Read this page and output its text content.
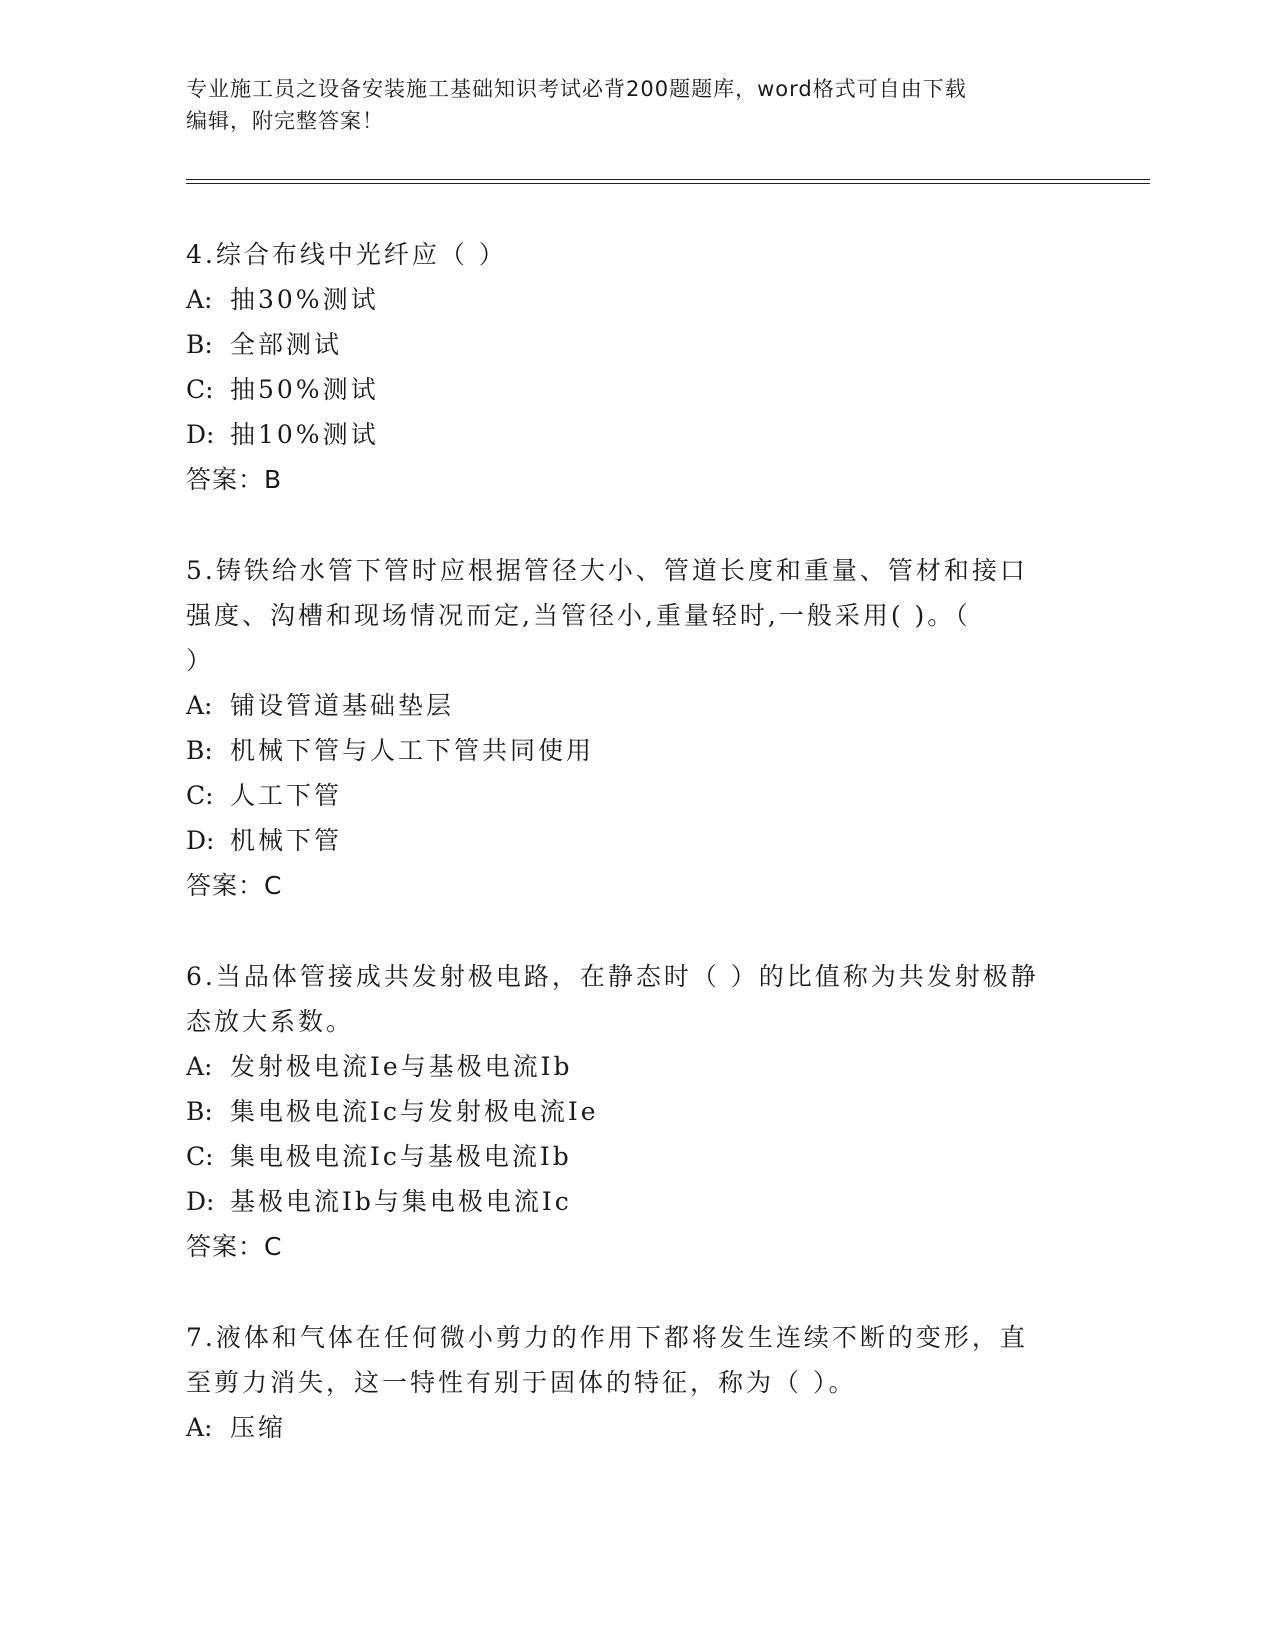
专业施工员之设备安装施工基础知识考试必背200题题库，word格式可自由下载
编辑，附完整答案！
4.综合布线中光纤应（ ）
A: 抽30%测试
B: 全部测试
C: 抽50%测试
D: 抽10%测试
答案：B
5.铸铁给水管下管时应根据管径大小、管道长度和重量、管材和接口
强度、沟槽和现场情况而定,当管径小,重量轻时,一般采用( )。（
）
A: 铺设管道基础垫层
B: 机械下管与人工下管共同使用
C: 人工下管
D: 机械下管
答案：C
6.当品体管接成共发射极电路，在静态时（ ）的比值称为共发射极静
态放大系数。
A: 发射极电流Ie与基极电流Ib
B: 集电极电流Ic与发射极电流Ie
C: 集电极电流Ic与基极电流Ib
D: 基极电流Ib与集电极电流Ic
答案：C
7.液体和气体在任何微小剪力的作用下都将发生连续不断的变形，直
至剪力消失，这一特性有别于固体的特征，称为（ ）。
A: 压缩
